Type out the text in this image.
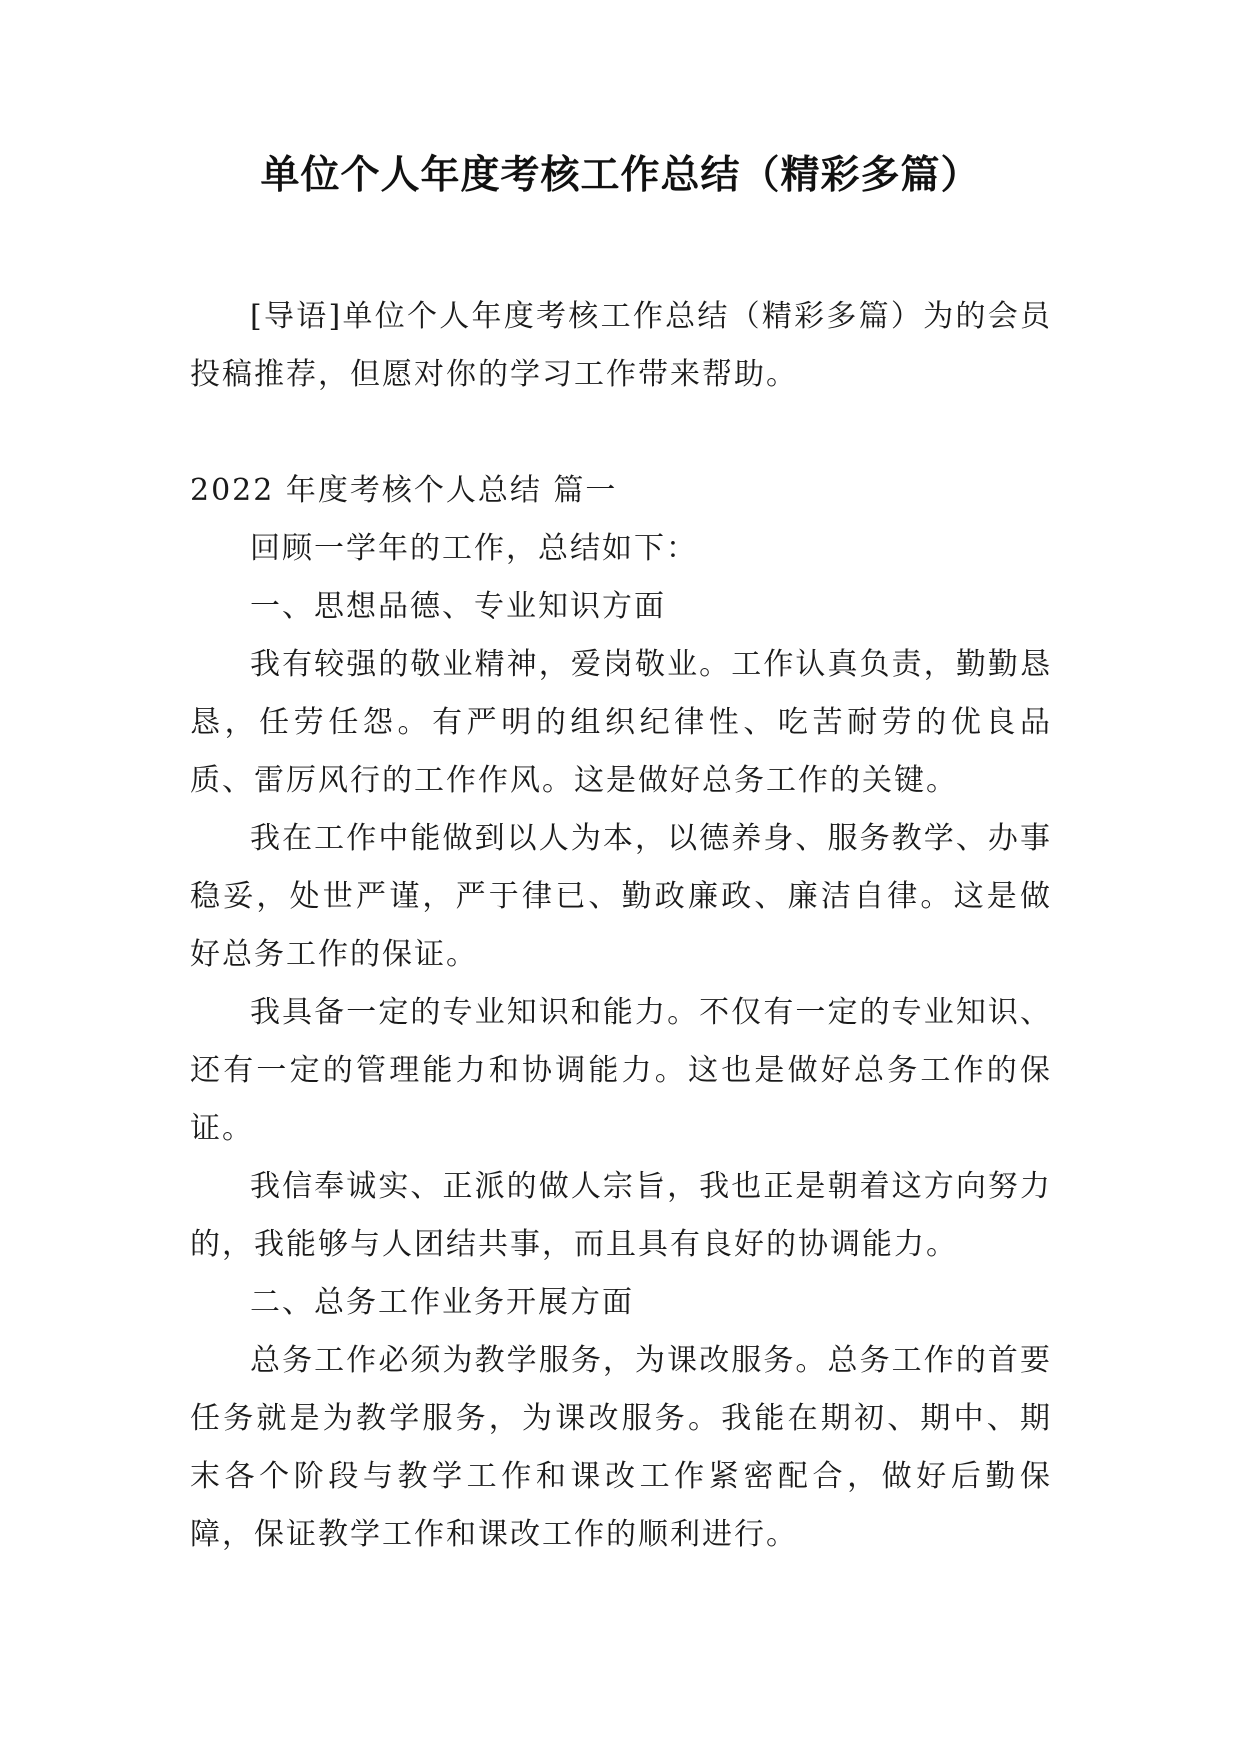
单位个人年度考核工作总结（精彩多篇）

[导语]单位个人年度考核工作总结（精彩多篇）为的会员投稿推荐，但愿对你的学习工作带来帮助。

2022 年度考核个人总结 篇一

回顾一学年的工作，总结如下：

一、思想品德、专业知识方面

我有较强的敬业精神，爱岗敬业。工作认真负责，勤勤恳恳，任劳任怨。有严明的组织纪律性、吃苦耐劳的优良品质、雷厉风行的工作作风。这是做好总务工作的关键。

我在工作中能做到以人为本，以德养身、服务教学、办事稳妥，处世严谨，严于律已、勤政廉政、廉洁自律。这是做好总务工作的保证。

我具备一定的专业知识和能力。不仅有一定的专业知识、还有一定的管理能力和协调能力。这也是做好总务工作的保证。

我信奉诚实、正派的做人宗旨，我也正是朝着这方向努力的，我能够与人团结共事，而且具有良好的协调能力。

二、总务工作业务开展方面

总务工作必须为教学服务，为课改服务。总务工作的首要任务就是为教学服务，为课改服务。我能在期初、期中、期末各个阶段与教学工作和课改工作紧密配合，做好后勤保障，保证教学工作和课改工作的顺利进行。
